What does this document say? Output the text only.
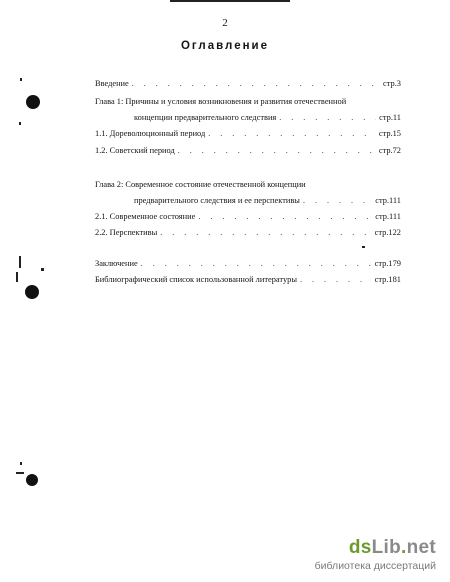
2
Оглавление
Введение . . .	стр.3
Глава 1: Причины и условия возникновения и развития отечественной
концепции предварительного следствия . . .	стр.11
1.1. Дореволюционный период . . .	стр.15
1.2. Советский период . . .	стр.72
Глава 2: Современное состояние отечественной концепции
предварительного следствия и ее перспективы . . .	стр.111
2.1. Современное состояние . . .	стр.111
2.2. Перспективы . . .	стр.122
Заключение . . .	стр.179
Библиографический список использованной литературы . . .	стр.181
dsLib.net
библиотека диссертаций
